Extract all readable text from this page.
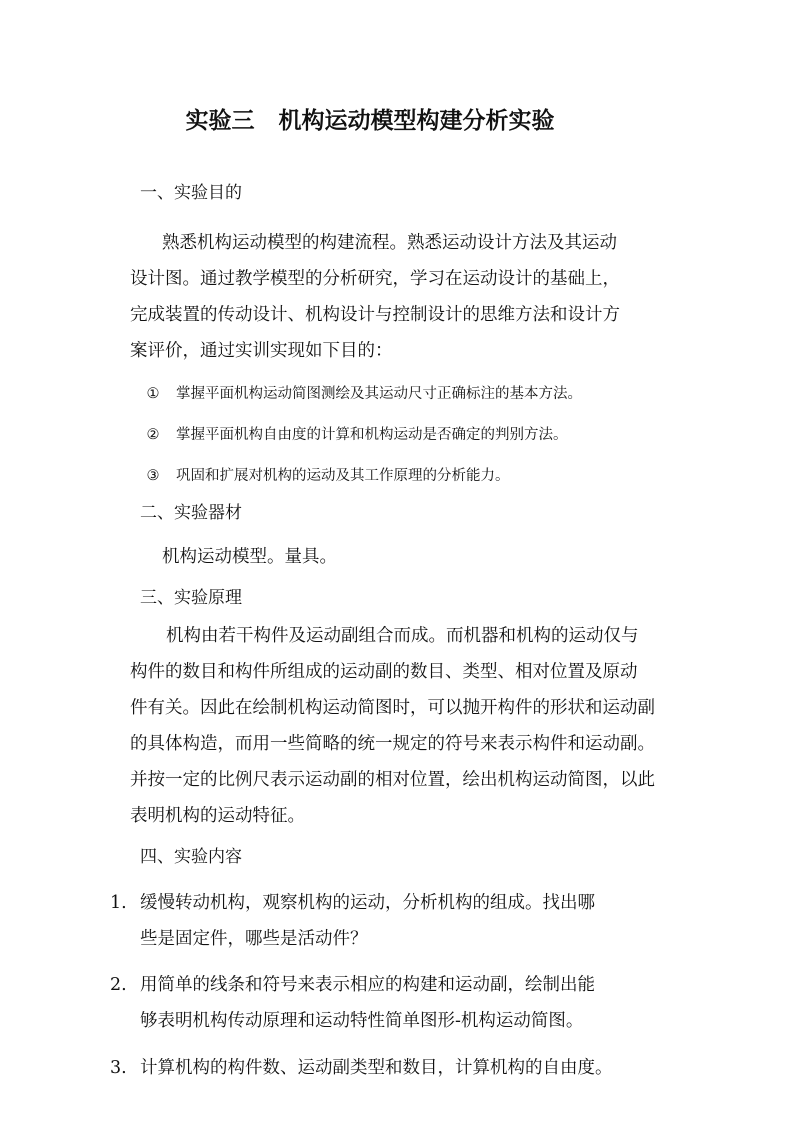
实验三 机构运动模型构建分析实验
一、实验目的
熟悉机构运动模型的构建流程。熟悉运动设计方法及其运动
设计图。通过教学模型的分析研究，学习在运动设计的基础上，
完成装置的传动设计、机构设计与控制设计的思维方法和设计方
案评价，通过实训实现如下目的：
① 掌握平面机构运动简图测绘及其运动尺寸正确标注的基本方法。
② 掌握平面机构自由度的计算和机构运动是否确定的判别方法。
③ 巩固和扩展对机构的运动及其工作原理的分析能力。
二、实验器材
机构运动模型。量具。
三、实验原理
机构由若干构件及运动副组合而成。而机器和机构的运动仅与
构件的数目和构件所组成的运动副的数目、类型、相对位置及原动
件有关。因此在绘制机构运动简图时，可以抛开构件的形状和运动副
的具体构造，而用一些简略的统一规定的符号来表示构件和运动副。
并按一定的比例尺表示运动副的相对位置，绘出机构运动简图，以此
表明机构的运动特征。
四、实验内容
1. 缓慢转动机构，观察机构的运动，分析机构的组成。找出哪
些是固定件，哪些是活动件？
2. 用简单的线条和符号来表示相应的构建和运动副，绘制出能
够表明机构传动原理和运动特性简单图形-机构运动简图。
3. 计算机构的构件数、运动副类型和数目，计算机构的自由度。
